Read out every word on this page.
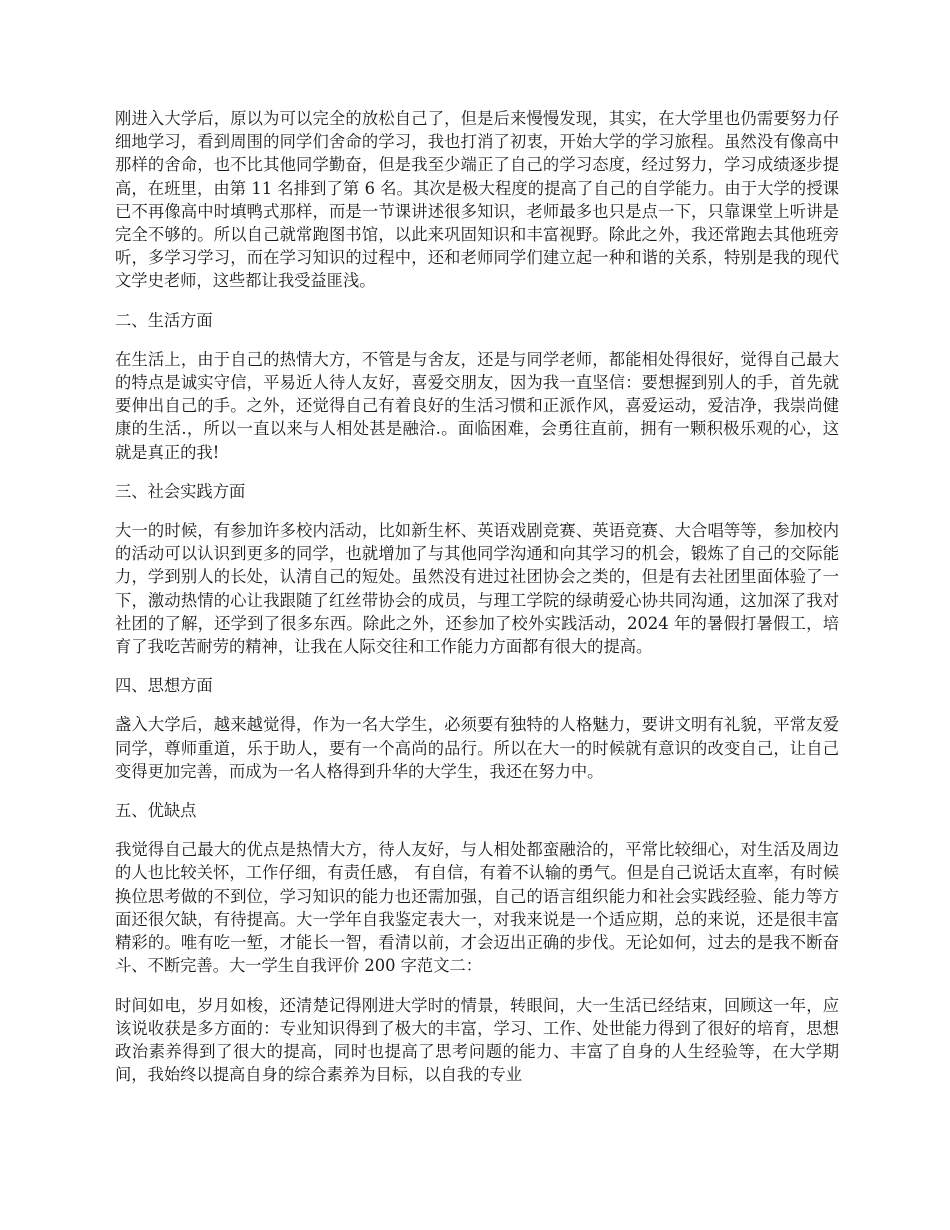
刚进入大学后，原以为可以完全的放松自己了，但是后来慢慢发现，其实，在大学里也仍需要努力仔细地学习，看到周围的同学们舍命的学习，我也打消了初衷，开始大学的学习旅程。虽然没有像高中那样的舍命，也不比其他同学勤奋，但是我至少端正了自己的学习态度，经过努力，学习成绩逐步提高，在班里，由第 11 名排到了第 6 名。其次是极大程度的提高了自己的自学能力。由于大学的授课已不再像高中时填鸭式那样，而是一节课讲述很多知识，老师最多也只是点一下，只靠课堂上听讲是完全不够的。所以自己就常跑图书馆，以此来巩固知识和丰富视野。除此之外，我还常跑去其他班旁听，多学习学习，而在学习知识的过程中，还和老师同学们建立起一种和谐的关系，特别是我的现代文学史老师，这些都让我受益匪浅。

二、生活方面

在生活上，由于自己的热情大方，不管是与舍友，还是与同学老师，都能相处得很好，觉得自己最大的特点是诚实守信，平易近人待人友好，喜爱交朋友，因为我一直坚信：要想握到别人的手，首先就要伸出自己的手。之外，还觉得自己有着良好的生活习惯和正派作风，喜爱运动，爱洁净，我崇尚健康的生活.，所以一直以来与人相处甚是融洽.。面临困难，会勇往直前，拥有一颗积极乐观的心，这就是真正的我!

三、社会实践方面

大一的时候，有参加许多校内活动，比如新生杯、英语戏剧竞赛、英语竞赛、大合唱等等，参加校内的活动可以认识到更多的同学，也就增加了与其他同学沟通和向其学习的机会，锻炼了自己的交际能力，学到别人的长处，认清自己的短处。虽然没有进过社团协会之类的，但是有去社团里面体验了一下，激动热情的心让我跟随了红丝带协会的成员，与理工学院的绿萌爱心协共同沟通，这加深了我对社团的了解，还学到了很多东西。除此之外，还参加了校外实践活动，2024 年的暑假打暑假工，培育了我吃苦耐劳的精神，让我在人际交往和工作能力方面都有很大的提高。

四、思想方面

盏入大学后，越来越觉得，作为一名大学生，必须要有独特的人格魅力，要讲文明有礼貌，平常友爱同学，尊师重道，乐于助人，要有一个高尚的品行。所以在大一的时候就有意识的改变自己，让自己变得更加完善，而成为一名人格得到升华的大学生，我还在努力中。

五、优缺点

我觉得自己最大的优点是热情大方，待人友好，与人相处都蛮融洽的，平常比较细心，对生活及周边的人也比较关怀，工作仔细，有责任感， 有自信，有着不认输的勇气。但是自己说话太直率，有时候换位思考做的不到位，学习知识的能力也还需加强，自己的语言组织能力和社会实践经验、能力等方面还很欠缺，有待提高。大一学年自我鉴定表大一，对我来说是一个适应期，总的来说，还是很丰富精彩的。唯有吃一堑，才能长一智，看清以前，才会迈出正确的步伐。无论如何，过去的是我不断奋斗、不断完善。大一学生自我评价 200 字范文二：

时间如电，岁月如梭，还清楚记得刚进大学时的情景，转眼间，大一生活已经结束，回顾这一年，应该说收获是多方面的：专业知识得到了极大的丰富，学习、工作、处世能力得到了很好的培育，思想政治素养得到了很大的提高，同时也提高了思考问题的能力、丰富了自身的人生经验等，在大学期间，我始终以提高自身的综合素养为目标，以自我的专业
